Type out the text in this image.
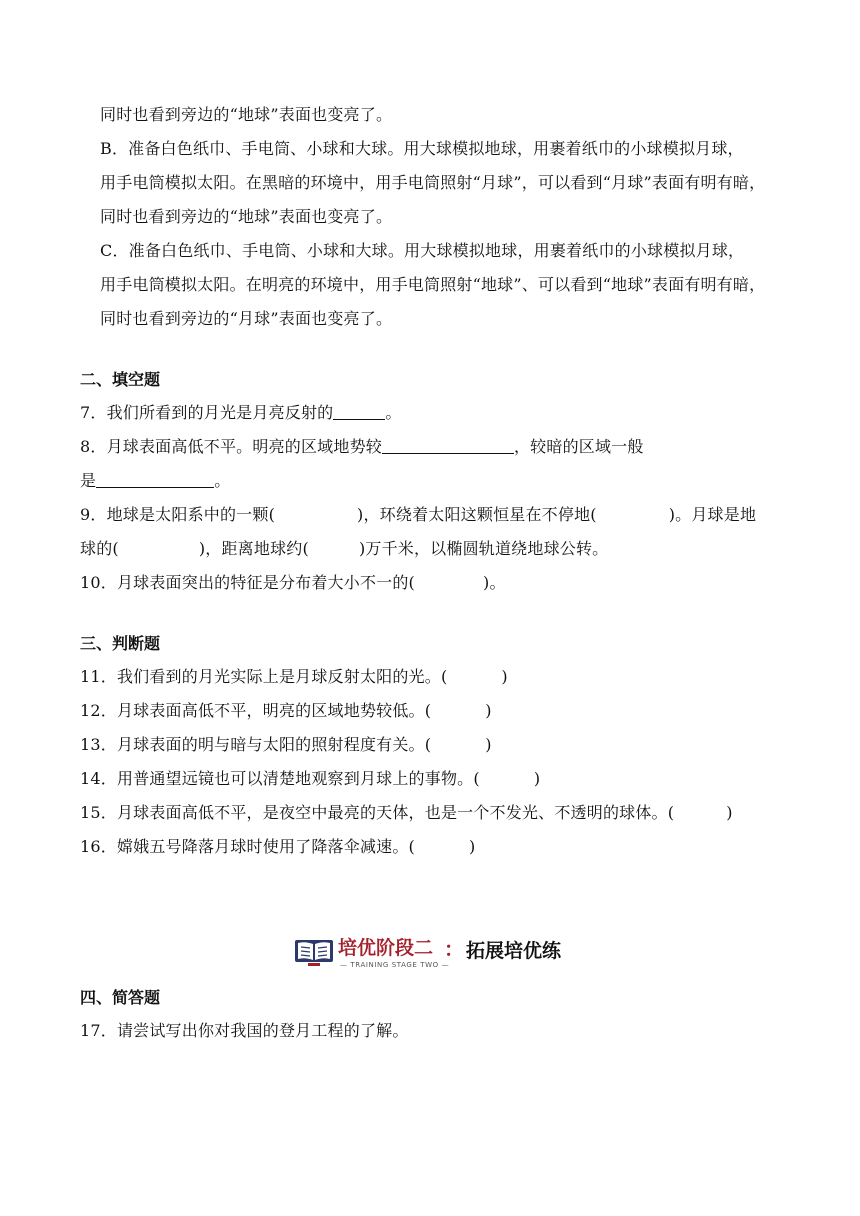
同时也看到旁边的“地球”表面也变亮了。
B．准备白色纸巾、手电筒、小球和大球。用大球模拟地球，用裹着纸巾的小球模拟月球，
用手电筒模拟太阳。在黑暗的环境中，用手电筒照射“月球”，可以看到“月球”表面有明有暗，
同时也看到旁边的“地球”表面也变亮了。
C．准备白色纸巾、手电筒、小球和大球。用大球模拟地球，用裹着纸巾的小球模拟月球，
用手电筒模拟太阳。在明亮的环境中，用手电筒照射“地球”、可以看到“地球”表面有明有暗，
同时也看到旁边的“月球”表面也变亮了。
二、填空题
7．我们所看到的月光是月亮反射的	。
8．月球表面高低不平。明亮的区域地势较	，较暗的区域一般
是	。
9．地球是太阳系中的一颗(	)，环绕着太阳这颗恒星在不停地(	)。月球是地
球的(	)，距离地球约(	)万千米，以椭圆轨道绕地球公转。
10．月球表面突出的特征是分布着大小不一的(	)。
三、判断题
11．我们看到的月光实际上是月球反射太阳的光。(	)
12．月球表面高低不平，明亮的区域地势较低。(	)
13．月球表面的明与暗与太阳的照射程度有关。(	)
14．用普通望远镜也可以清楚地观察到月球上的事物。(	)
15．月球表面高低不平，是夜空中最亮的天体，也是一个不发光、不透明的球体。(	)
16．嫦娥五号降落月球时使用了降落伞减速。(	)
培优阶段二
— TRAINING STAGE TWO —
： 拓展培优练
四、简答题
17．请尝试写出你对我国的登月工程的了解。
